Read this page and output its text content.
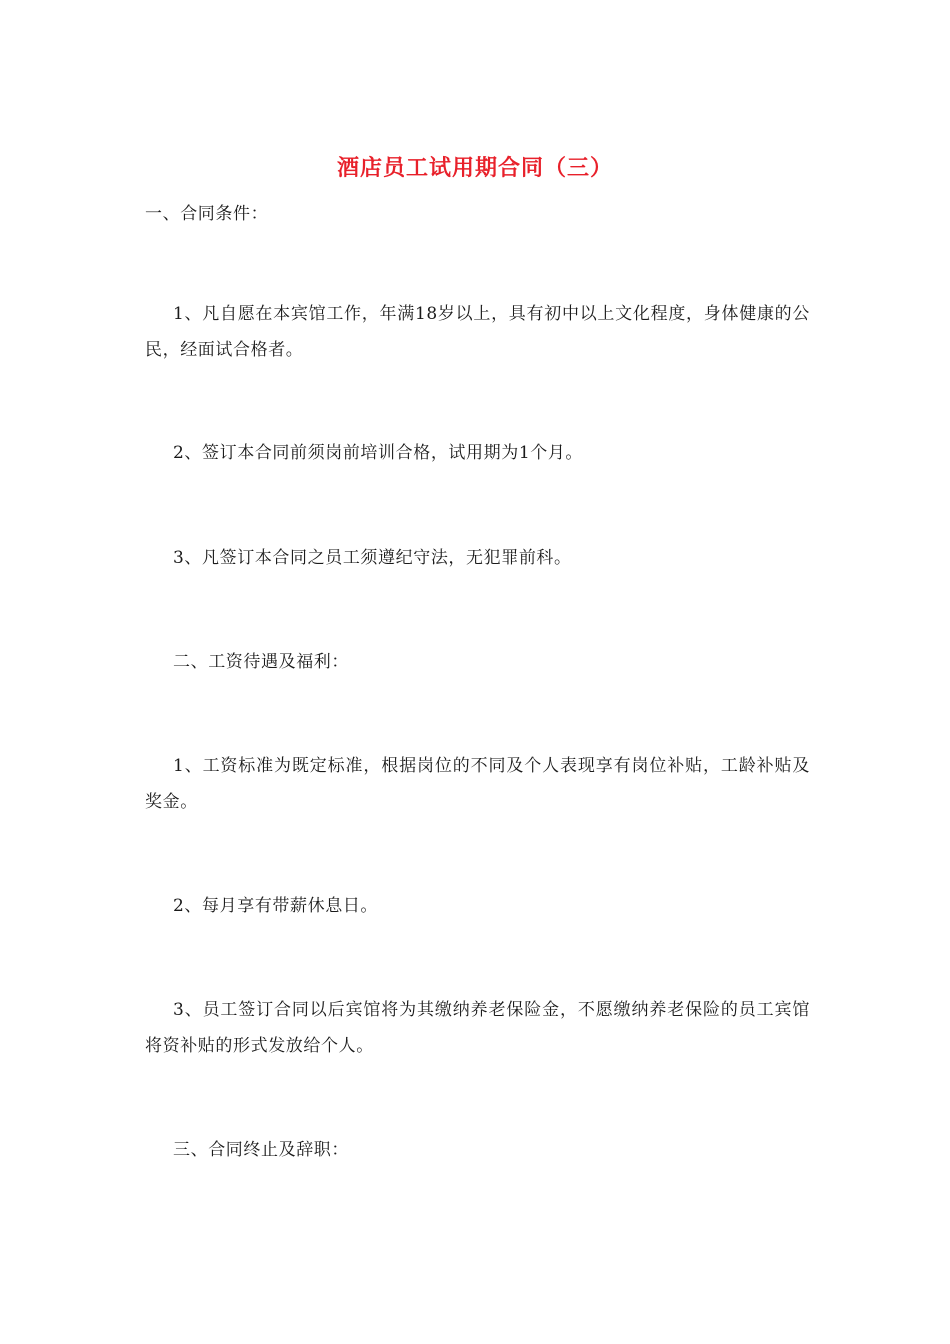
酒店员工试用期合同（三）

一、合同条件：

1、凡自愿在本宾馆工作，年满18岁以上，具有初中以上文化程度，身体健康的公民，经面试合格者。

2、签订本合同前须岗前培训合格，试用期为1个月。

3、凡签订本合同之员工须遵纪守法，无犯罪前科。

二、工资待遇及福利：

1、工资标准为既定标准，根据岗位的不同及个人表现享有岗位补贴，工龄补贴及奖金。

2、每月享有带薪休息日。

3、员工签订合同以后宾馆将为其缴纳养老保险金，不愿缴纳养老保险的员工宾馆将资补贴的形式发放给个人。

三、合同终止及辞职：
